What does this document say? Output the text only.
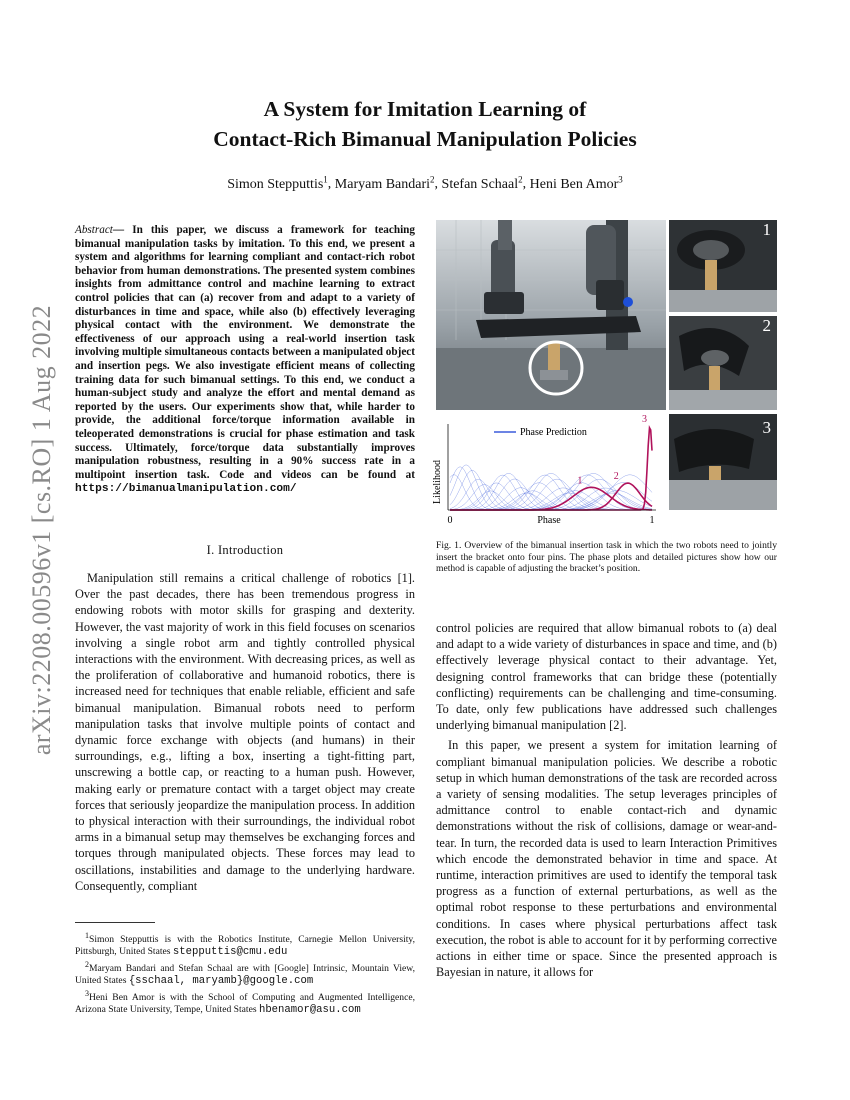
arXiv:2208.00596v1 [cs.RO] 1 Aug 2022
A System for Imitation Learning of
Contact-Rich Bimanual Manipulation Policies
Simon Stepputtis$^1$, Maryam Bandari$^2$, Stefan Schaal$^2$, Heni Ben Amor$^3$
Abstract— In this paper, we discuss a framework for teaching bimanual manipulation tasks by imitation. To this end, we present a system and algorithms for learning compliant and contact-rich robot behavior from human demonstrations. The presented system combines insights from admittance control and machine learning to extract control policies that can (a) recover from and adapt to a variety of disturbances in time and space, while also (b) effectively leveraging physical contact with the environment. We demonstrate the effectiveness of our approach using a real-world insertion task involving multiple simultaneous contacts between a manipulated object and insertion pegs. We also investigate efficient means of collecting training data for such bimanual settings. To this end, we conduct a human-subject study and analyze the effort and mental demand as reported by the users. Our experiments show that, while harder to provide, the additional force/torque information available in teleoperated demonstrations is crucial for phase estimation and task success. Ultimately, force/torque data substantially improves manipulation robustness, resulting in a 90% success rate in a multipoint insertion task. Code and videos can be found at https://bimanualmanipulation.com/
I. Introduction

Manipulation still remains a critical challenge of robotics [1]. Over the past decades, there has been tremendous progress in endowing robots with motor skills for grasping and dexterity. However, the vast majority of work in this field focuses on scenarios involving a single robot arm and tightly controlled physical interactions with the environment. With decreasing prices, as well as the proliferation of collaborative and humanoid robotics, there is increased need for techniques that enable reliable, efficient and safe bimanual manipulation. Bimanual robots need to perform manipulation tasks that involve multiple points of contact and dynamic force exchange with objects (and humans) in their surroundings, e.g., lifting a box, inserting a tight-fitting part, unscrewing a bottle cap, or reacting to a human push. However, making early or premature contact with a target object may create forces that seriously jeopardize the manipulation process. In addition to physical interaction with their surroundings, the individual robot arms in a bimanual setup may themselves be exchanging forces and torques through manipulated objects. These forces may lead to oscillations, instabilities and damage to the underlying hardware. Consequently, compliant

$^1$Simon Stepputtis is with the Robotics Institute, Carnegie Mellon University, Pittsburgh, United States stepputtis@cmu.edu

$^2$Maryam Bandari and Stefan Schaal are with [Google] Intrinsic, Mountain View, United States {sschaal, maryamb}@google.com

$^3$Heni Ben Amor is with the School of Computing and Augmented Intelligence, Arizona State University, Tempe, United States hbenamor@asu.com

1
2
3
Likelihood
Phase
0	1
Phase Prediction
1	2
3
Fig. 1. Overview of the bimanual insertion task in which the two robots need to jointly insert the bracket onto four pins. The phase plots and detailed pictures show how our method is capable of adjusting the bracket’s position.

control policies are required that allow bimanual robots to (a) deal and adapt to a wide variety of disturbances in space and time, and (b) effectively leverage physical contact to their advantage. Yet, designing control frameworks that can bridge these (potentially conflicting) requirements can be challenging and time-consuming. To date, only few publications have addressed such challenges underlying bimanual manipulation [2].

In this paper, we present a system for imitation learning of compliant bimanual manipulation policies. We describe a robotic setup in which human demonstrations of the task are recorded across a variety of sensing modalities. The setup leverages principles of admittance control to enable contact-rich and dynamic demonstrations without the risk of collisions, damage or wear-and-tear. In turn, the recorded data is used to learn Interaction Primitives which encode the demonstrated behavior in time and space. At runtime, interaction primitives are used to identify the temporal task progress as a function of external perturbations, as well as the optimal robot response to these perturbations and environmental conditions. In cases where physical perturbations affect task execution, the robot is able to account for it by performing corrective actions in either time or space. Since the presented approach is Bayesian in nature, it allows for
